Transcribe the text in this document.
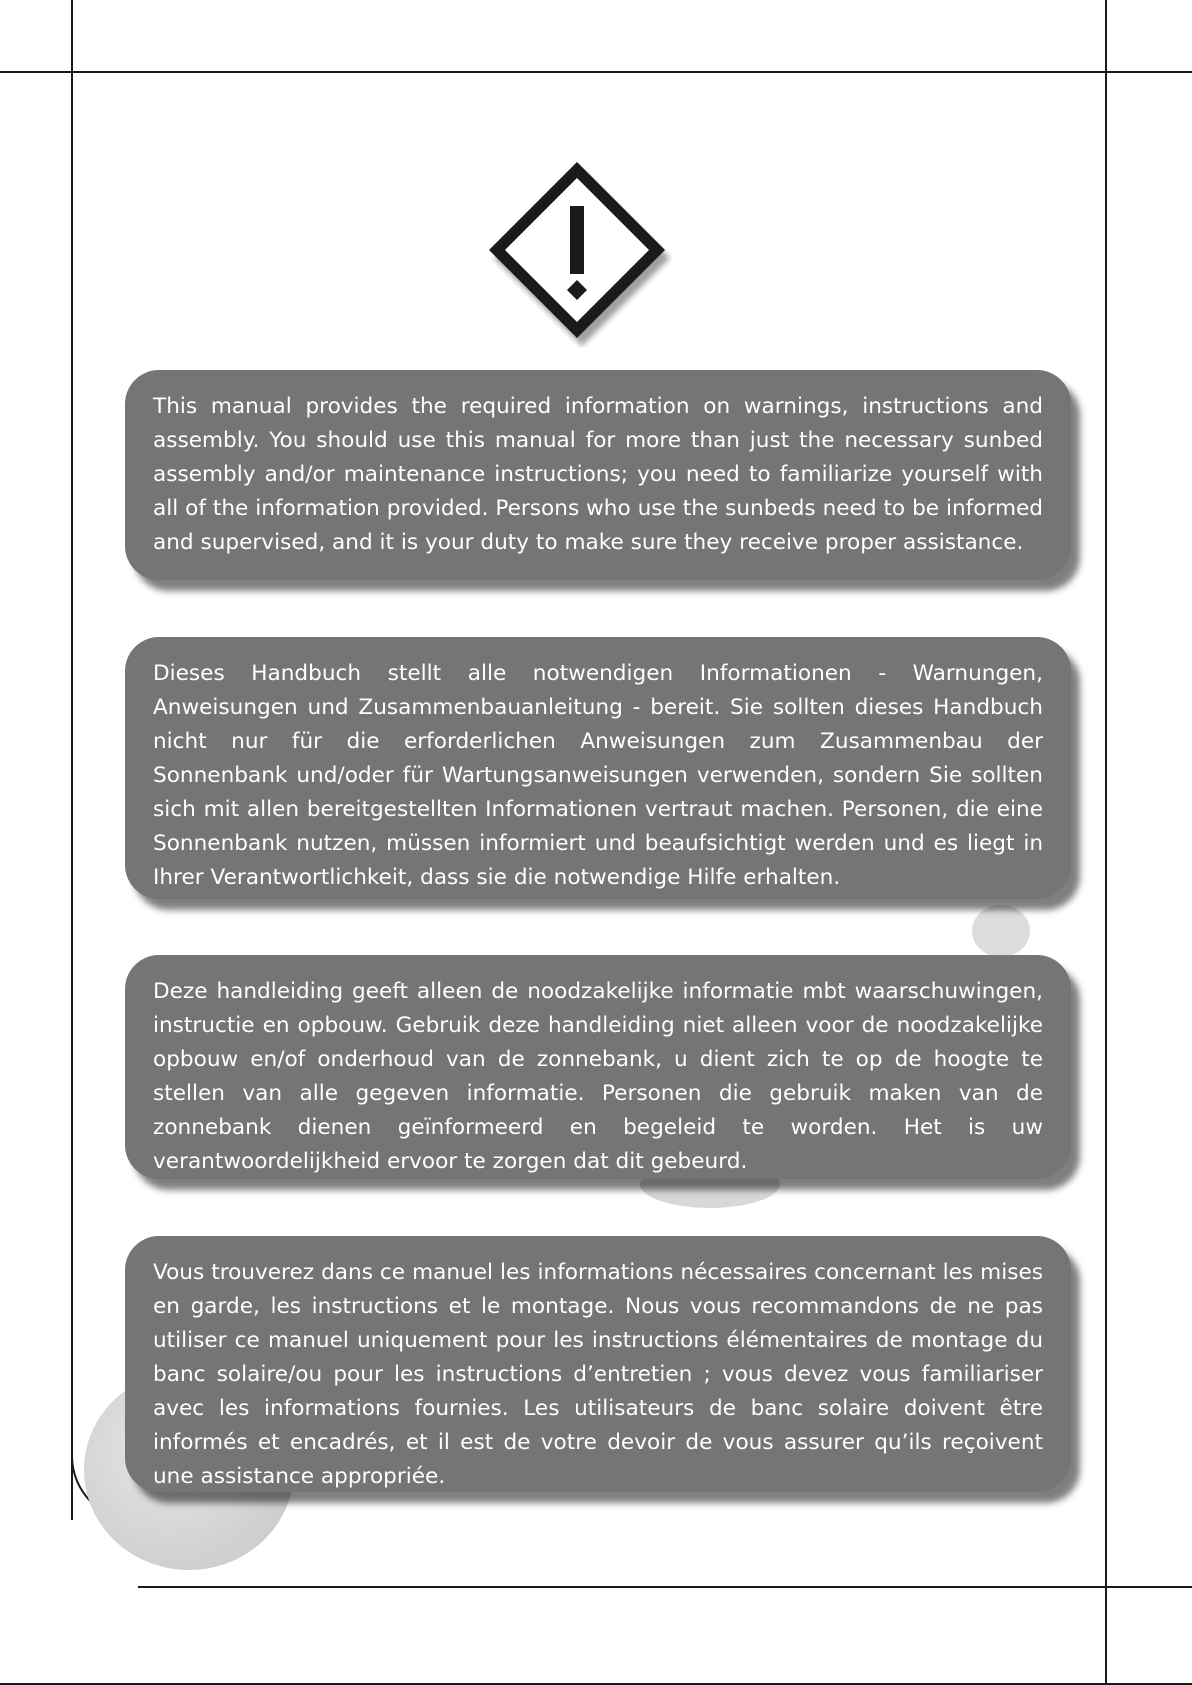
This manual provides the required information on warnings, instructions and assembly. You should use this manual for more than just the necessary sunbed assembly and/or maintenance instructions; you need to familiarize yourself with all of the information provided. Persons who use the sunbeds need to be informed and supervised, and it is your duty to make sure they receive proper assistance.
Dieses Handbuch stellt alle notwendigen Informationen - Warnungen, Anweisungen und Zusammenbauanleitung - bereit. Sie sollten dieses Handbuch nicht nur für die erforderlichen Anweisungen zum Zusammenbau der Sonnenbank und/oder für Wartungsanweisungen verwenden, sondern Sie sollten sich mit allen bereitgestellten Informationen vertraut machen. Personen, die eine Sonnenbank nutzen, müssen informiert und beaufsichtigt werden und es liegt in Ihrer Verantwortlichkeit, dass sie die notwendige Hilfe erhalten.
Deze handleiding geeft alleen de noodzakelijke informatie mbt waarschuwingen, instructie en opbouw. Gebruik deze handleiding niet alleen voor de noodzakelijke opbouw en/of onderhoud van de zonnebank, u dient zich te op de hoogte te stellen van alle gegeven informatie. Personen die gebruik maken van de zonnebank dienen geïnformeerd en begeleid te worden. Het is uw verantwoordelijkheid ervoor te zorgen dat dit gebeurd.
Vous trouverez dans ce manuel les informations nécessaires concernant les mises en garde, les instructions et le montage. Nous vous recommandons de ne pas utiliser ce manuel uniquement pour les instructions élémentaires de montage du banc solaire/ou pour les instructions d’entretien ; vous devez vous familiariser avec les informations fournies. Les utilisateurs de banc solaire doivent être informés et encadrés, et il est de votre devoir de vous assurer qu’ils reçoivent une assistance appropriée.
